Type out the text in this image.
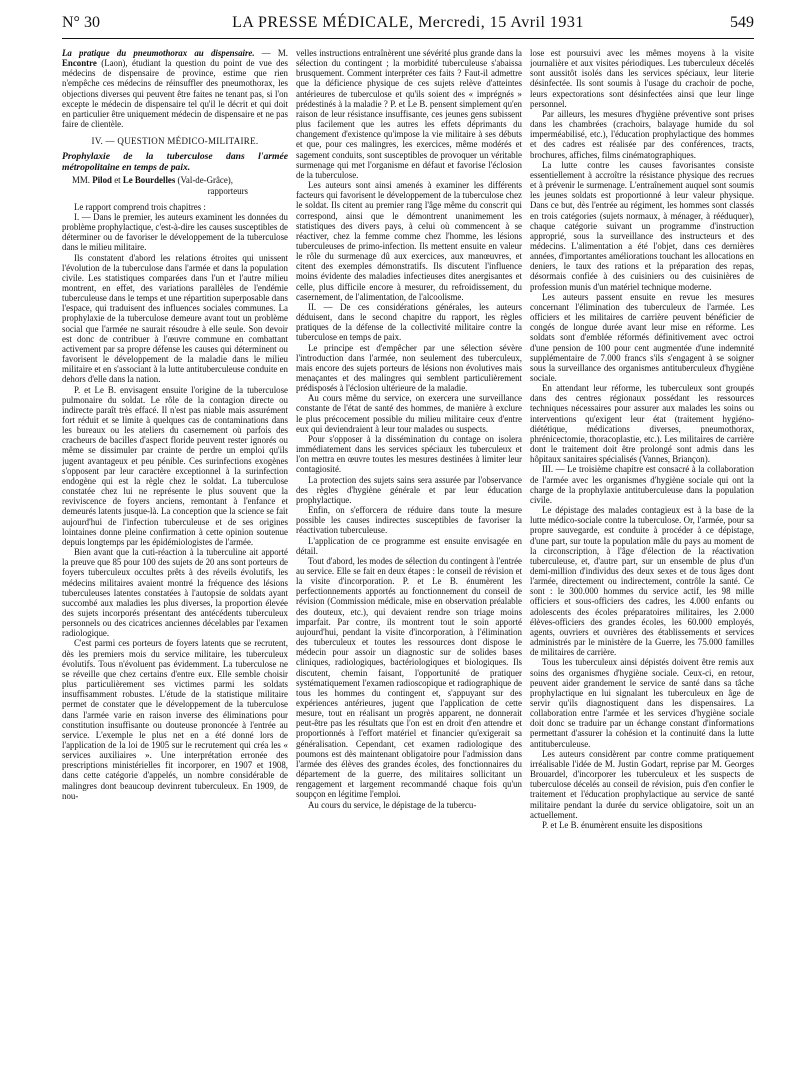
N° 30	LA PRESSE MÉDICALE, Mercredi, 15 Avril 1931	549

La pratique du pneumothorax au dispensaire. — M. Encontre (Laon), étudiant la question du point de vue des médecins de dispensaire de province, estime que rien n'empêche ces médecins de réinsuffler des pneumothorax, les objections diverses qui peuvent être faites ne tenant pas, si l'on excepte le médecin de dispensaire tel qu'il le décrit et qui doit en particulier être uniquement médecin de dispensaire et ne pas faire de clientèle.

IV. — QUESTION MÉDICO-MILITAIRE.

Prophylaxie de la tuberculose dans l'armée métropolitaine en temps de paix.

MM. Pilod et Le Bourdelles (Val-de-Grâce),

rapporteurs

Le rapport comprend trois chapitres :

I. — Dans le premier, les auteurs examinent les données du problème prophylactique, c'est-à-dire les causes susceptibles de déterminer ou de favoriser le développement de la tuberculose dans le milieu militaire.

Ils constatent d'abord les relations étroites qui unissent l'évolution de la tuberculose dans l'armée et dans la population civile. Les statistiques comparées dans l'un et l'autre milieu montrent, en effet, des variations parallèles de l'endémie tuberculeuse dans le temps et une répartition superposable dans l'espace, qui traduisent des influences sociales communes. La prophylaxie de la tuberculose demeure avant tout un problème social que l'armée ne saurait résoudre à elle seule. Son devoir est donc de contribuer à l'œuvre commune en combattant activement par sa propre défense les causes qui déterminent ou favorisent le développement de la maladie dans le milieu militaire et en s'associant à la lutte antituberculeuse conduite en dehors d'elle dans la nation.

P. et Le B. envisagent ensuite l'origine de la tuberculose pulmonaire du soldat. Le rôle de la contagion directe ou indirecte paraît très effacé. Il n'est pas niable mais assurément fort réduit et se limite à quelques cas de contaminations dans les bureaux ou les ateliers du casernement où parfois des cracheurs de bacilles d'aspect floride peuvent rester ignorés ou même se dissimuler par crainte de perdre un emploi qu'ils jugent avantageux et peu pénible. Ces surinfections exogènes s'opposent par leur caractère exceptionnel à la surinfection endogène qui est la règle chez le soldat. La tuberculose constatée chez lui ne représente le plus souvent que la reviviscence de foyers anciens, remontant à l'enfance et demeurés latents jusque-là. La conception que la science se fait aujourd'hui de l'infection tuberculeuse et de ses origines lointaines donne pleine confirmation à cette opinion soutenue depuis longtemps par les épidémiologistes de l'armée.

Bien avant que la cuti-réaction à la tuberculine ait apporté la preuve que 85 pour 100 des sujets de 20 ans sont porteurs de foyers tuberculeux occultes prêts à des réveils évolutifs, les médecins militaires avaient montré la fréquence des lésions tuberculeuses latentes constatées à l'autopsie de soldats ayant succombé aux maladies les plus diverses, la proportion élevée des sujets incorporés présentant des antécédents tuberculeux personnels ou des cicatrices anciennes décelables par l'examen radiologique.

C'est parmi ces porteurs de foyers latents que se recrutent, dès les premiers mois du service militaire, les tuberculeux évolutifs. Tous n'évoluent pas évidemment. La tuberculose ne se réveille que chez certains d'entre eux. Elle semble choisir plus particulièrement ses victimes parmi les soldats insuffisamment robustes. L'étude de la statistique militaire permet de constater que le développement de la tuberculose dans l'armée varie en raison inverse des éliminations pour constitution insuffisante ou douteuse prononcée à l'entrée au service. L'exemple le plus net en a été donné lors de l'application de la loi de 1905 sur le recrutement qui créa les « services auxiliaires ». Une interprétation erronée des prescriptions ministérielles fit incorporer, en 1907 et 1908, dans cette catégorie d'appelés, un nombre considérable de malingres dont beaucoup devinrent tuberculeux. En 1909, de nou-

velles instructions entraînèrent une sévérité plus grande dans la sélection du contingent ; la morbidité tuberculeuse s'abaissa brusquement. Comment interpréter ces faits ? Faut-il admettre que la déficience physique de ces sujets relève d'atteintes antérieures de tuberculose et qu'ils soient des « imprégnés » prédestinés à la maladie ? P. et Le B. pensent simplement qu'en raison de leur résistance insuffisante, ces jeunes gens subissent plus facilement que les autres les effets déprimants du changement d'existence qu'impose la vie militaire à ses débuts et que, pour ces malingres, les exercices, même modérés et sagement conduits, sont susceptibles de provoquer un véritable surmenage qui met l'organisme en défaut et favorise l'éclosion de la tuberculose.

Les auteurs sont ainsi amenés à examiner les différents facteurs qui favorisent le développement de la tuberculose chez le soldat. Ils citent au premier rang l'âge même du conscrit qui correspond, ainsi que le démontrent unanimement les statistiques des divers pays, à celui où commencent à se réactiver, chez la femme comme chez l'homme, les lésions tuberculeuses de primo-infection. Ils mettent ensuite en valeur le rôle du surmenage dû aux exercices, aux manœuvres, et citent des exemples démonstratifs. Ils discutent l'influence moins évidente des maladies infectieuses dites anergisantes et celle, plus difficile encore à mesurer, du refroidissement, du casernement, de l'alimentation, de l'alcoolisme.

II. — De ces considérations générales, les auteurs déduisent, dans le second chapitre du rapport, les règles pratiques de la défense de la collectivité militaire contre la tuberculose en temps de paix.

Le principe est d'empêcher par une sélection sévère l'introduction dans l'armée, non seulement des tuberculeux, mais encore des sujets porteurs de lésions non évolutives mais menaçantes et des malingres qui semblent particulièrement prédisposés à l'éclosion ultérieure de la maladie.

Au cours même du service, on exercera une surveillance constante de l'état de santé des hommes, de manière à exclure le plus précocement possible du milieu militaire ceux d'entre eux qui deviendraient à leur tour malades ou suspects.

Pour s'opposer à la dissémination du contage on isolera immédiatement dans les services spéciaux les tuberculeux et l'on mettra en œuvre toutes les mesures destinées à limiter leur contagiosité.

La protection des sujets sains sera assurée par l'observance des règles d'hygiène générale et par leur éducation prophylactique.

Enfin, on s'efforcera de réduire dans toute la mesure possible les causes indirectes susceptibles de favoriser la réactivation tuberculeuse.

L'application de ce programme est ensuite envisagée en détail.

Tout d'abord, les modes de sélection du contingent à l'entrée au service. Elle se fait en deux étapes : le conseil de révision et la visite d'incorporation. P. et Le B. énumèrent les perfectionnements apportés au fonctionnement du conseil de révision (Commission médicale, mise en observation préalable des douteux, etc.), qui devaient rendre son triage moins imparfait. Par contre, ils montrent tout le soin apporté aujourd'hui, pendant la visite d'incorporation, à l'élimination des tuberculeux et toutes les ressources dont dispose le médecin pour assoir un diagnostic sur de solides bases cliniques, radiologiques, bactériologiques et biologiques. Ils discutent, chemin faisant, l'opportunité de pratiquer systématiquement l'examen radioscopique et radiographique de tous les hommes du contingent et, s'appuyant sur des expériences antérieures, jugent que l'application de cette mesure, tout en réalisant un progrès apparent, ne donnerait peut-être pas les résultats que l'on est en droit d'en attendre et proportionnés à l'effort matériel et financier qu'exigerait sa généralisation. Cependant, cet examen radiologique des poumons est dès maintenant obligatoire pour l'admission dans l'armée des élèves des grandes écoles, des fonctionnaires du département de la guerre, des militaires sollicitant un rengagement et largement recommandé chaque fois qu'un soupçon en légitime l'emploi.

Au cours du service, le dépistage de la tubercu-

lose est poursuivi avec les mêmes moyens à la visite journalière et aux visites périodiques. Les tuberculeux décelés sont aussitôt isolés dans les services spéciaux, leur literie désinfectée. Ils sont soumis à l'usage du crachoir de poche, leurs expectorations sont désinfectées ainsi que leur linge personnel.

Par ailleurs, les mesures d'hygiène préventive sont prises dans les chambrées (crachoirs, balayage humide du sol imperméabilisé, etc.), l'éducation prophylactique des hommes et des cadres est réalisée par des conférences, tracts, brochures, affiches, films cinématographiques.

La lutte contre les causes favorisantes consiste essentiellement à accroître la résistance physique des recrues et à prévenir le surmenage. L'entraînement auquel sont soumis les jeunes soldats est proportionné à leur valeur physique. Dans ce but, dès l'entrée au régiment, les hommes sont classés en trois catégories (sujets normaux, à ménager, à rééduquer), chaque catégorie suivant un programme d'instruction approprié, sous la surveillance des instructeurs et des médecins. L'alimentation a été l'objet, dans ces dernières années, d'importantes améliorations touchant les allocations en deniers, le taux des rations et la préparation des repas, désormais confiée à des cuisiniers ou des cuisinières de profession munis d'un matériel technique moderne.

Les auteurs passent ensuite en revue les mesures concernant l'élimination des tuberculeux de l'armée. Les officiers et les militaires de carrière peuvent bénéficier de congés de longue durée avant leur mise en réforme. Les soldats sont d'emblée réformés définitivement avec octroi d'une pension de 100 pour cent augmentée d'une indemnité supplémentaire de 7.000 francs s'ils s'engagent à se soigner sous la surveillance des organismes antituberculeux d'hygiène sociale.

En attendant leur réforme, les tuberculeux sont groupés dans des centres régionaux possédant les ressources techniques nécessaires pour assurer aux malades les soins ou interventions qu'exigent leur état (traitement hygiéno-diététique, médications diverses, pneumothorax, phrénicectomie, thoracoplastie, etc.). Les militaires de carrière dont le traitement doit être prolongé sont admis dans les hôpitaux sanitaires spécialisés (Vannes, Briançon).

III. — Le troisième chapitre est consacré à la collaboration de l'armée avec les organismes d'hygiène sociale qui ont la charge de la prophylaxie antituberculeuse dans la population civile.

Le dépistage des malades contagieux est à la base de la lutte médico-sociale contre la tuberculose. Or, l'armée, pour sa propre sauvegarde, est conduite à procéder à ce dépistage, d'une part, sur toute la population mâle du pays au moment de la circonscription, à l'âge d'élection de la réactivation tuberculeuse, et, d'autre part, sur un ensemble de plus d'un demi-million d'individus des deux sexes et de tous âges dont l'armée, directement ou indirectement, contrôle la santé. Ce sont : le 300.000 hommes du service actif, les 98 mille officiers et sous-officiers des cadres, les 4.000 enfants ou adolescents des écoles préparatoires militaires, les 2.000 élèves-officiers des grandes écoles, les 60.000 employés, agents, ouvriers et ouvrières des établissements et services administrés par le ministère de la Guerre, les 75.000 familles de militaires de carrière.

Tous les tuberculeux ainsi dépistés doivent être remis aux soins des organismes d'hygiène sociale. Ceux-ci, en retour, peuvent aider grandement le service de santé dans sa tâche prophylactique en lui signalant les tuberculeux en âge de servir qu'ils diagnostiquent dans les dispensaires. La collaboration entre l'armée et les services d'hygiène sociale doit donc se traduire par un échange constant d'informations permettant d'assurer la cohésion et la continuité dans la lutte antituberculeuse.

Les auteurs considèrent par contre comme pratiquement irréalisable l'idée de M. Justin Godart, reprise par M. Georges Brouardel, d'incorporer les tuberculeux et les suspects de tuberculose décelés au conseil de révision, puis d'en confier le traitement et l'éducation prophylactique au service de santé militaire pendant la durée du service obligatoire, soit un an actuellement.

P. et Le B. énumèrent ensuite les dispositions
